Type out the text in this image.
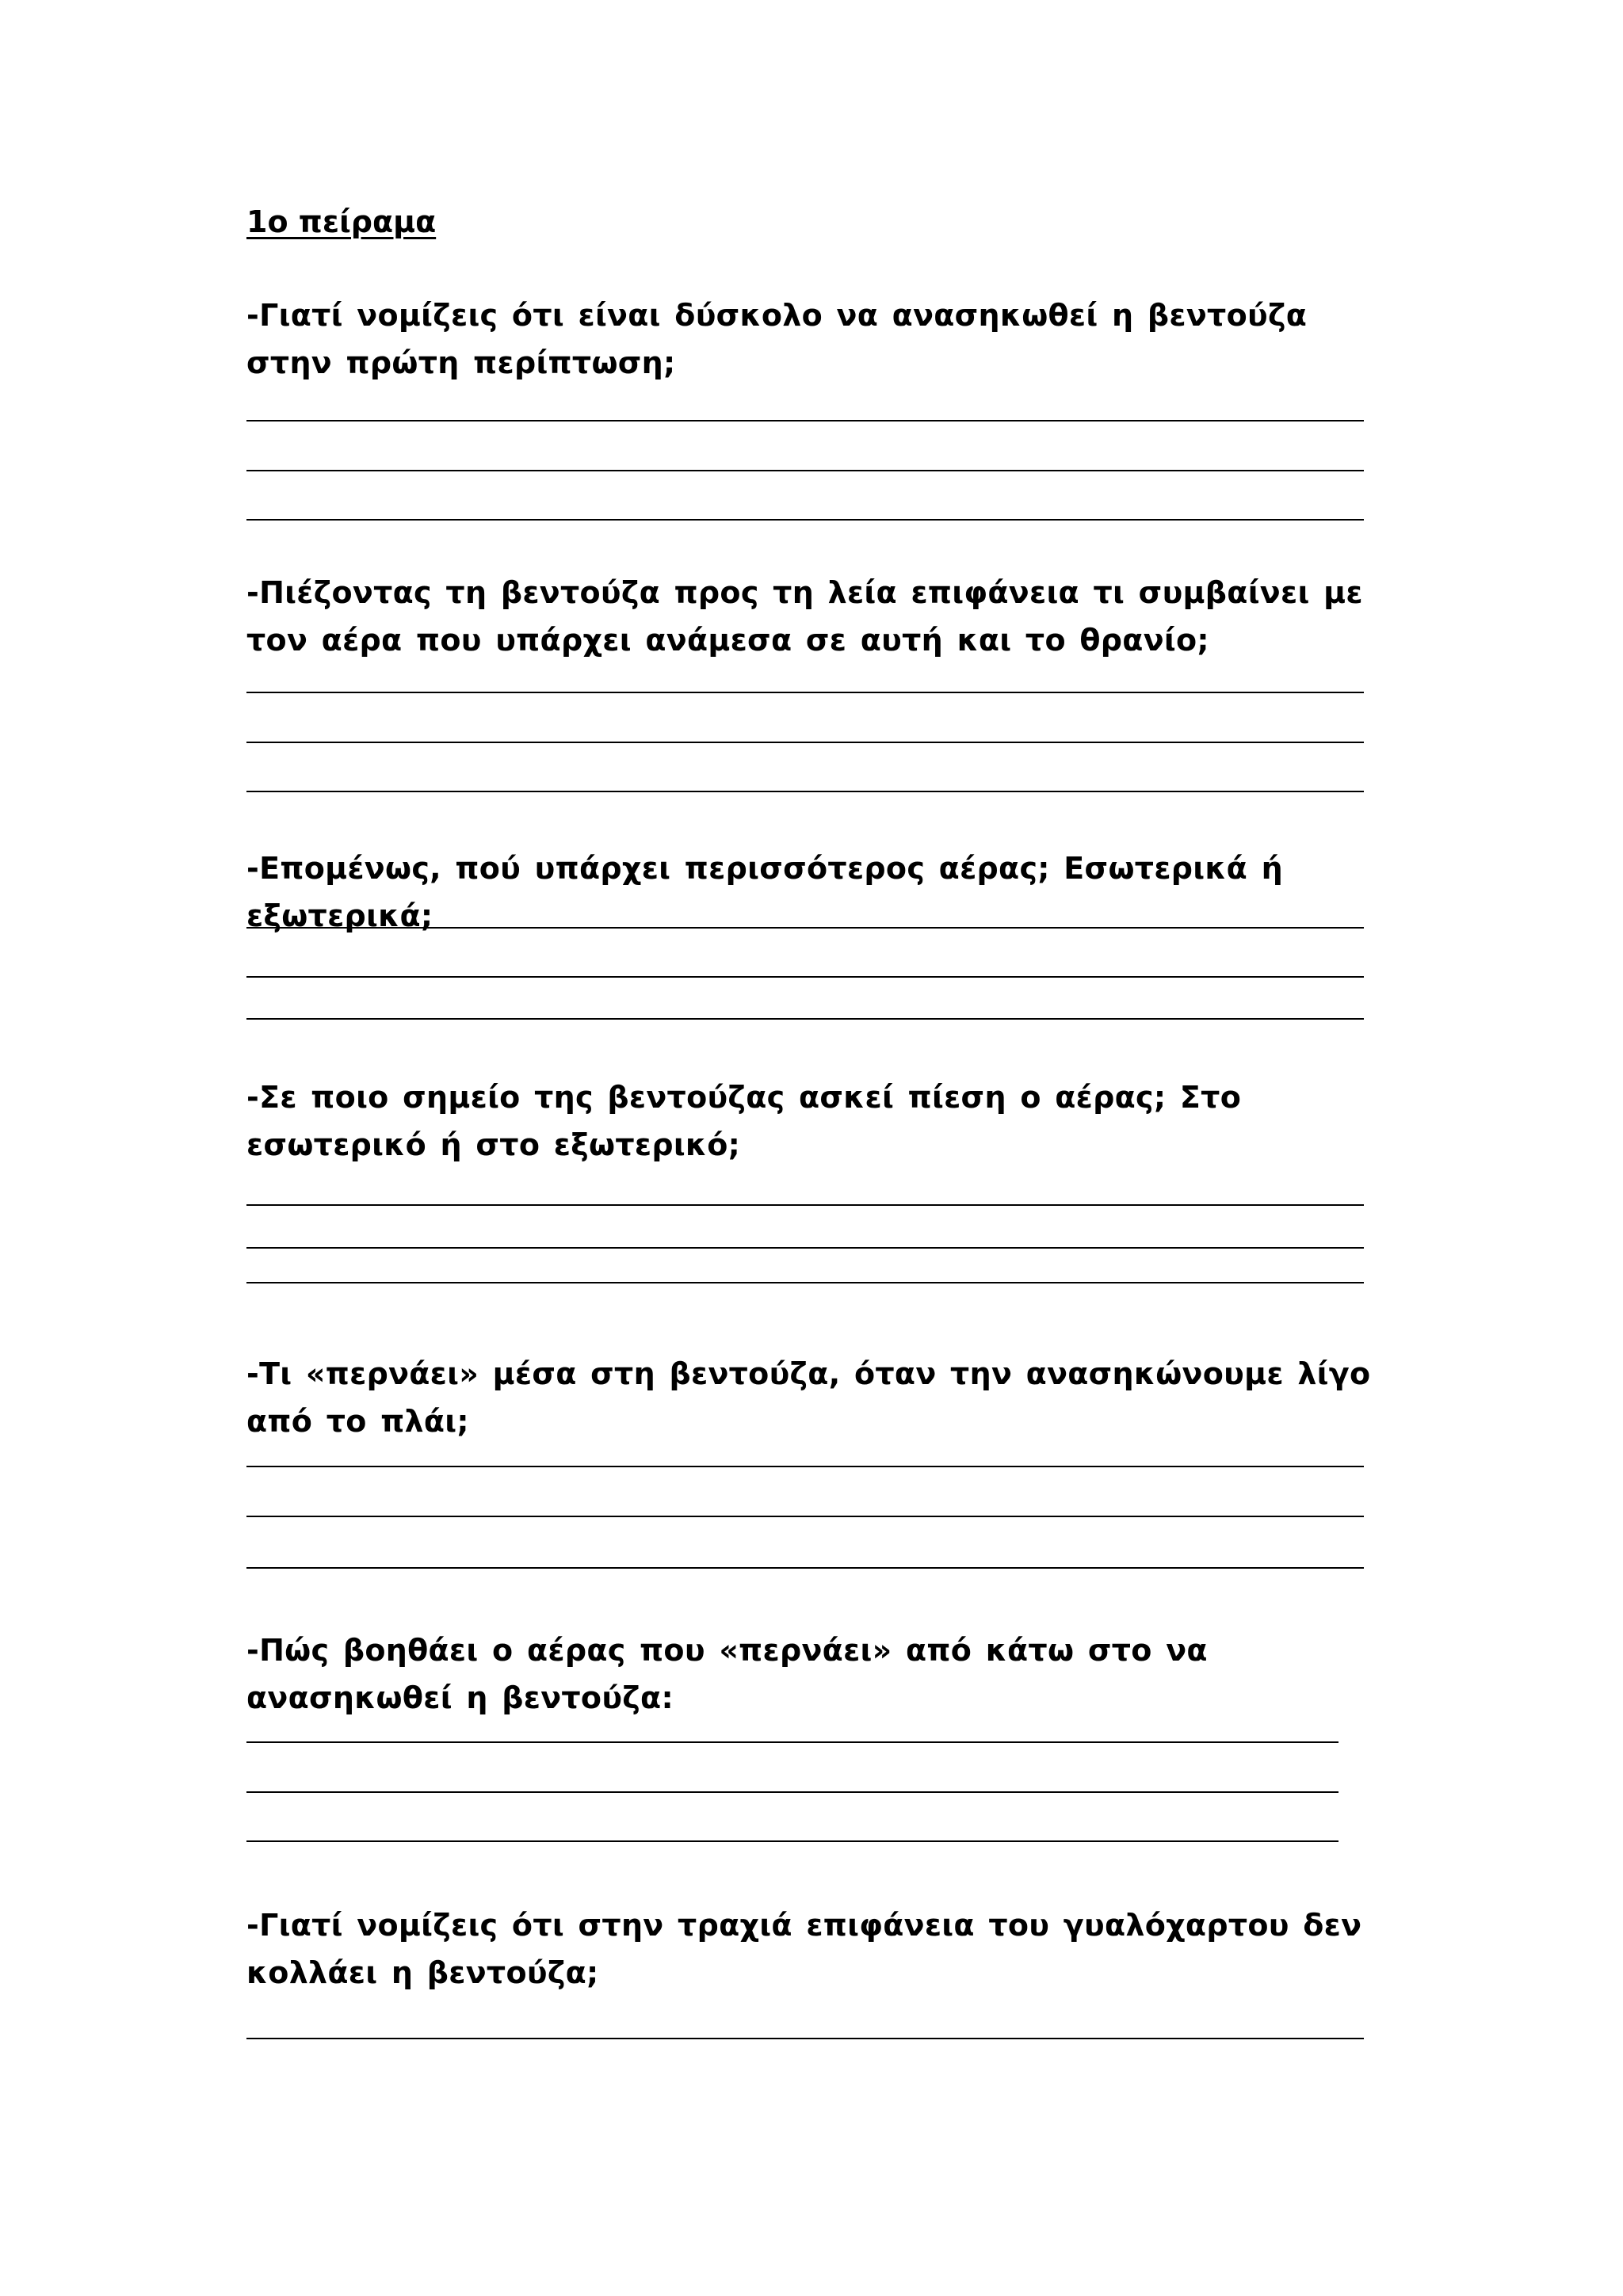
1ο πείραμα
-Γιατί νομίζεις ότι είναι δύσκολο να ανασηκωθεί η βεντούζα στην πρώτη περίπτωση;
-Πιέζοντας τη βεντούζα προς τη λεία επιφάνεια τι συμβαίνει με τον αέρα που υπάρχει ανάμεσα σε αυτή και το θρανίο;
-Επομένως, πού υπάρχει περισσότερος αέρας; Εσωτερικά ή εξωτερικά;
-Σε ποιο σημείο της βεντούζας ασκεί πίεση ο αέρας; Στο εσωτερικό ή στο εξωτερικό;
-Τι «περνάει» μέσα στη βεντούζα, όταν την ανασηκώνουμε λίγο από το πλάι;
-Πώς βοηθάει ο αέρας που «περνάει» από κάτω στο να ανασηκωθεί η βεντούζα:
-Γιατί νομίζεις ότι στην τραχιά επιφάνεια του γυαλόχαρτου δεν κολλάει η βεντούζα;
